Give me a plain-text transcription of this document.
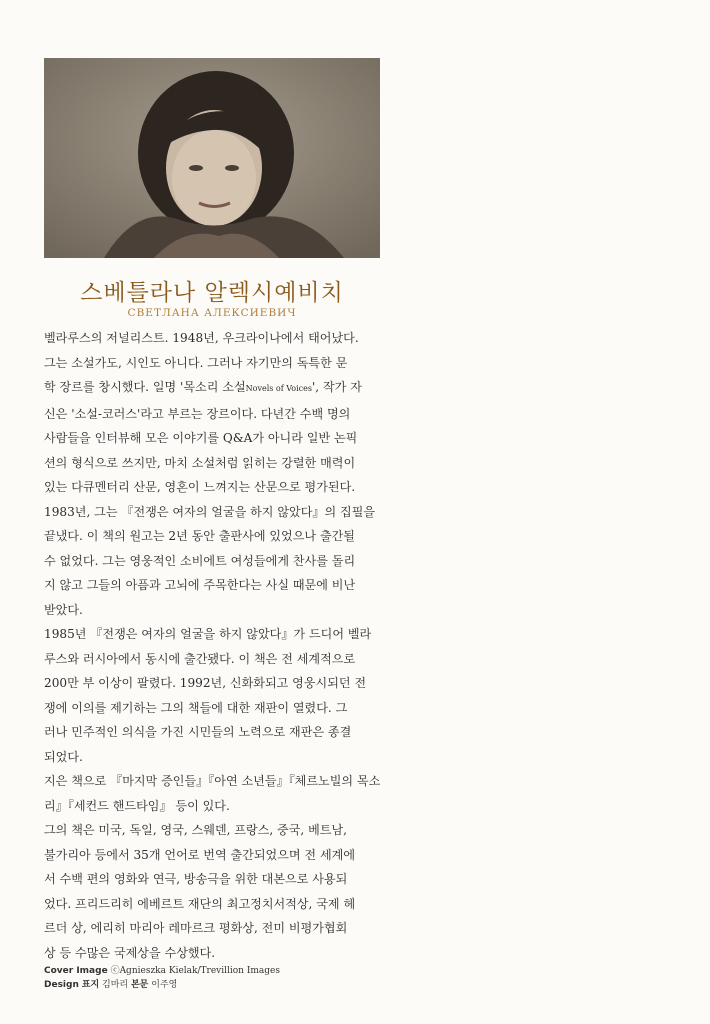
스베틀라나 알렉시예비치
СВЕТЛАНА АЛЕКСИЕВИЧ

벨라루스의 저널리스트. 1948년, 우크라이나에서 태어났다.

그는 소설가도, 시인도 아니다. 그러나 자기만의 독특한 문

학 장르를 창시했다. 일명 '목소리 소설Novels of Voices', 작가 자

신은 '소설-코러스'라고 부르는 장르이다. 다년간 수백 명의

사람들을 인터뷰해 모은 이야기를 Q&A가 아니라 일반 논픽

션의 형식으로 쓰지만, 마치 소설처럼 읽히는 강렬한 매력이

있는 다큐멘터리 산문, 영혼이 느껴지는 산문으로 평가된다.

1983년, 그는 『전쟁은 여자의 얼굴을 하지 않았다』의 집필을

끝냈다. 이 책의 원고는 2년 동안 출판사에 있었으나 출간될

수 없었다. 그는 영웅적인 소비에트 여성들에게 찬사를 돌리

지 않고 그들의 아픔과 고뇌에 주목한다는 사실 때문에 비난

받았다.

1985년 『전쟁은 여자의 얼굴을 하지 않았다』가 드디어 벨라

루스와 러시아에서 동시에 출간됐다. 이 책은 전 세계적으로

200만 부 이상이 팔렸다. 1992년, 신화화되고 영웅시되던 전

쟁에 이의를 제기하는 그의 책들에 대한 재판이 열렸다. 그

러나 민주적인 의식을 가진 시민들의 노력으로 재판은 종결

되었다.

지은 책으로 『마지막 증인들』『아연 소년들』『체르노빌의 목소

리』『세컨드 핸드타임』 등이 있다.

그의 책은 미국, 독일, 영국, 스웨덴, 프랑스, 중국, 베트남,

불가리아 등에서 35개 언어로 번역 출간되었으며 전 세계에

서 수백 편의 영화와 연극, 방송극을 위한 대본으로 사용되

었다. 프리드리히 에베르트 재단의 최고정치서적상, 국제 헤

르더 상, 에리히 마리아 레마르크 평화상, 전미 비평가협회

상 등 수많은 국제상을 수상했다.

Cover Image ⓒAgnieszka Kielak/Trevillion Images
Design 표지 김마리 본문 이주영
